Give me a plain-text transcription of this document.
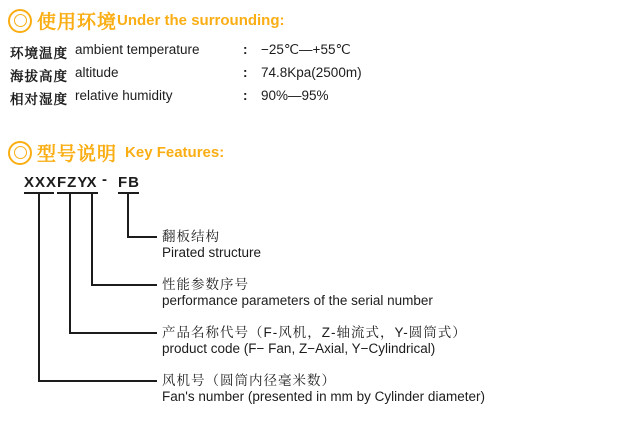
使用环境 Under the surrounding:
环境温度 ambient temperature	: −25℃—+55℃
海拔高度 altitude	: 74.8Kpa(2500m)
相对湿度 relative humidity	: 90%—95%
型号说明 Key Features:
XXX FZY
X - FB
翻板结构
Pirated structure
性能参数序号
performance parameters of the serial number
产品名称代号（F-风机，Z-轴流式，Y-圆筒式）
product code (F− Fan, Z−Axial, Y−Cylindrical)
风机号（圆筒内径毫米数）
Fan's number (presented in mm by Cylinder diameter)
